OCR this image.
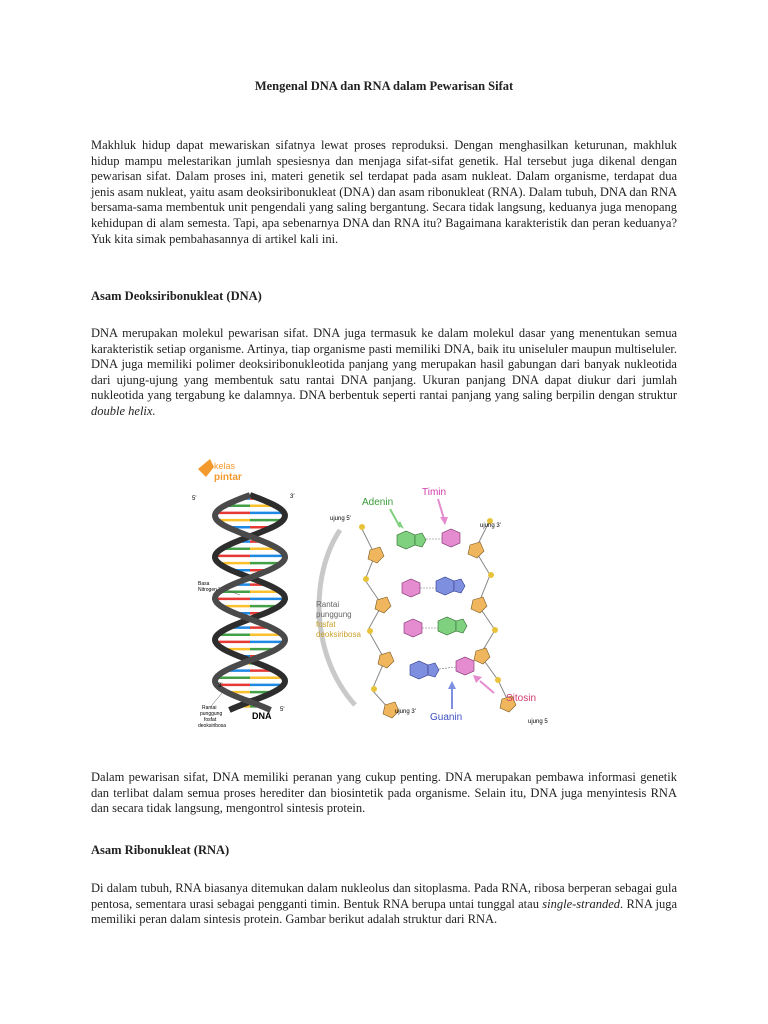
Mengenal DNA dan RNA dalam Pewarisan Sifat

Makhluk hidup dapat mewariskan sifatnya lewat proses reproduksi. Dengan menghasilkan keturunan, makhluk hidup mampu melestarikan jumlah spesiesnya dan menjaga sifat-sifat genetik. Hal tersebut juga dikenal dengan pewarisan sifat. Dalam proses ini, materi genetik sel terdapat pada asam nukleat. Dalam organisme, terdapat dua jenis asam nukleat, yaitu asam deoksiribonukleat (DNA) dan asam ribonukleat (RNA). Dalam tubuh, DNA dan RNA bersama-sama membentuk unit pengendali yang saling bergantung. Secara tidak langsung, keduanya juga menopang kehidupan di alam semesta. Tapi, apa sebenarnya DNA dan RNA itu? Bagaimana karakteristik dan peran keduanya? Yuk kita simak pembahasannya di artikel kali ini.

Asam Deoksiribonukleat (DNA)

DNA merupakan molekul pewarisan sifat. DNA juga termasuk ke dalam molekul dasar yang menentukan semua karakteristik setiap organisme. Artinya, tiap organisme pasti memiliki DNA, baik itu uniseluler maupun multiseluler. DNA juga memiliki polimer deoksiribonukleotida panjang yang merupakan hasil gabungan dari banyak nukleotida dari ujung-ujung yang membentuk satu rantai DNA panjang. Ukuran panjang DNA dapat diukur dari jumlah nukleotida yang tergabung ke dalamnya. DNA berbentuk seperti rantai panjang yang saling berpilin dengan struktur double helix.

kelas
pintar
3'
5'
Basa
Nitrogen
Rantai
punggung
fosfat
deoksiribosa
3'
DNA
5'
Adenin
Timin
ujung 5'
ujung 3'
Rantai
punggung
fosfat
deoksiribosa
ujung 3' Guanin
Sitosin
ujung 5

Dalam pewarisan sifat, DNA memiliki peranan yang cukup penting. DNA merupakan pembawa informasi genetik dan terlibat dalam semua proses herediter dan biosintetik pada organisme. Selain itu, DNA juga menyintesis RNA dan secara tidak langsung, mengontrol sintesis protein.

Asam Ribonukleat (RNA)

Di dalam tubuh, RNA biasanya ditemukan dalam nukleolus dan sitoplasma. Pada RNA, ribosa berperan sebagai gula pentosa, sementara urasi sebagai pengganti timin. Bentuk RNA berupa untai tunggal atau single-stranded. RNA juga memiliki peran dalam sintesis protein. Gambar berikut adalah struktur dari RNA.
